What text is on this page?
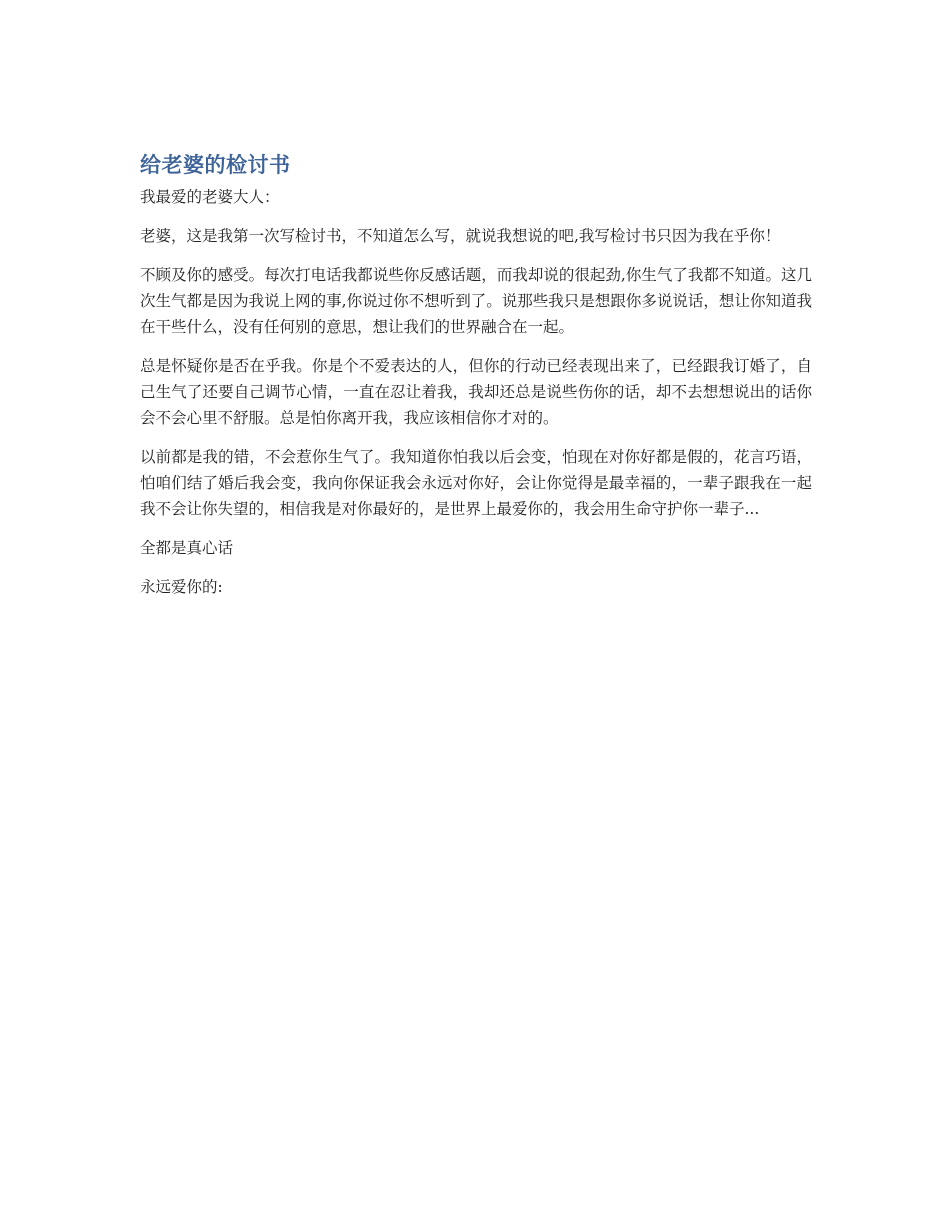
给老婆的检讨书

我最爱的老婆大人：

老婆，这是我第一次写检讨书，不知道怎么写，就说我想说的吧,我写检讨书只因为我在乎你！

不顾及你的感受。每次打电话我都说些你反感话题，而我却说的很起劲,你生气了我都不知道。这几次生气都是因为我说上网的事,你说过你不想听到了。说那些我只是想跟你多说说话，想让你知道我在干些什么，没有任何别的意思，想让我们的世界融合在一起。

总是怀疑你是否在乎我。你是个不爱表达的人，但你的行动已经表现出来了，已经跟我订婚了，自己生气了还要自己调节心情，一直在忍让着我，我却还总是说些伤你的话，却不去想想说出的话你会不会心里不舒服。总是怕你离开我，我应该相信你才对的。

以前都是我的错，不会惹你生气了。我知道你怕我以后会变，怕现在对你好都是假的，花言巧语，怕咱们结了婚后我会变，我向你保证我会永远对你好，会让你觉得是最幸福的，一辈子跟我在一起我不会让你失望的，相信我是对你最好的，是世界上最爱你的，我会用生命守护你一辈子...

全都是真心话

永远爱你的:
